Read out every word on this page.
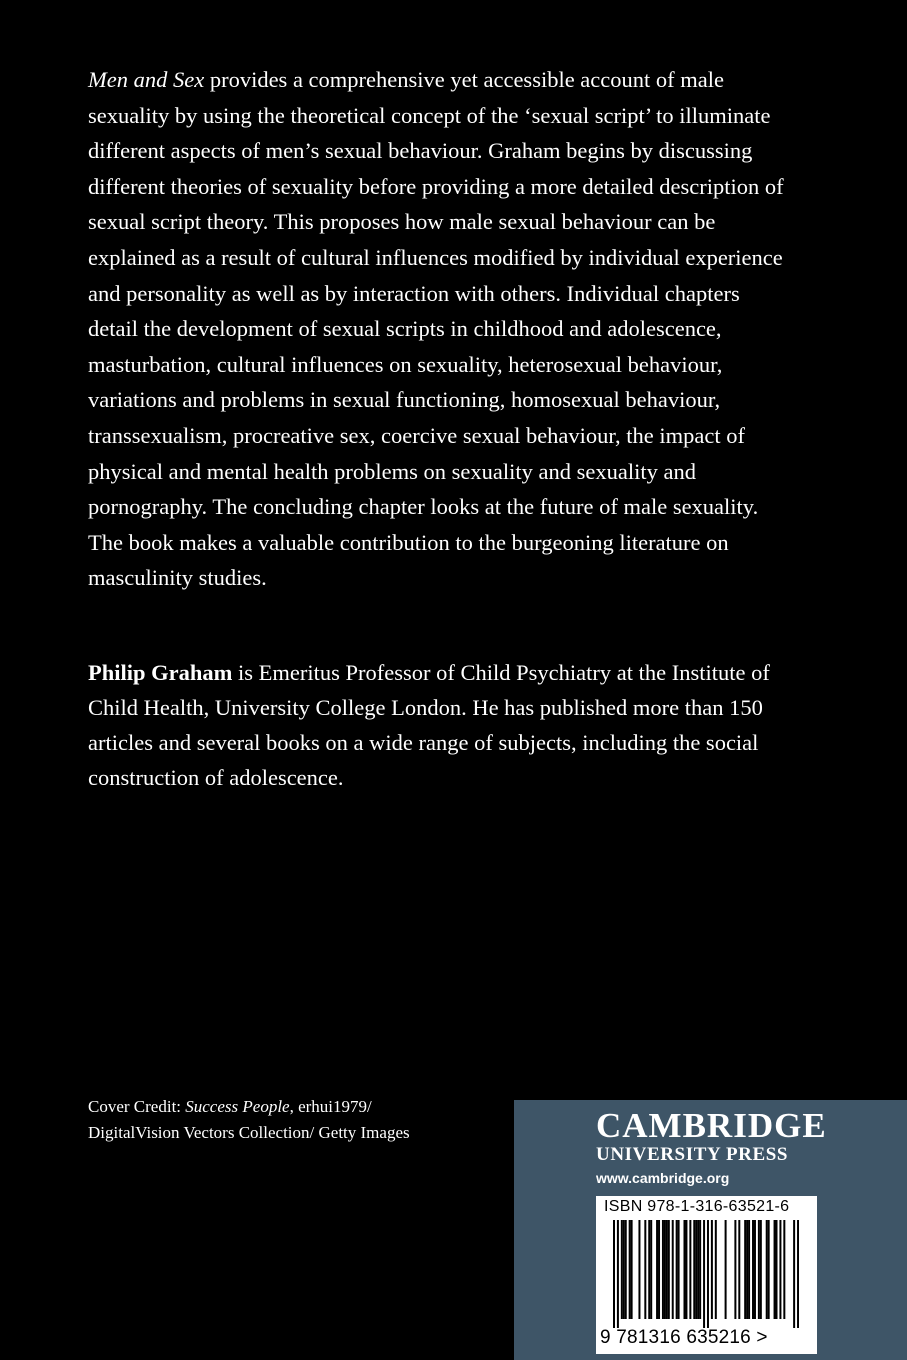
Men and Sex provides a comprehensive yet accessible account of male sexuality by using the theoretical concept of the ‘sexual script’ to illuminate different aspects of men’s sexual behaviour. Graham begins by discussing different theories of sexuality before providing a more detailed description of sexual script theory. This proposes how male sexual behaviour can be explained as a result of cultural influences modified by individual experience and personality as well as by interaction with others. Individual chapters detail the development of sexual scripts in childhood and adolescence, masturbation, cultural influences on sexuality, heterosexual behaviour, variations and problems in sexual functioning, homosexual behaviour, transsexualism, procreative sex, coercive sexual behaviour, the impact of physical and mental health problems on sexuality and sexuality and pornography. The concluding chapter looks at the future of male sexuality. The book makes a valuable contribution to the burgeoning literature on masculinity studies.

Philip Graham is Emeritus Professor of Child Psychiatry at the Institute of Child Health, University College London. He has published more than 150 articles and several books on a wide range of subjects, including the social construction of adolescence.

Cover Credit: Success People, erhui1979/
DigitalVision Vectors Collection/ Getty Images	CAMBRIDGE
UNIVERSITY PRESS
www.cambridge.org
ISBN 978-1-316-63521-6
9 781316 635216 >
